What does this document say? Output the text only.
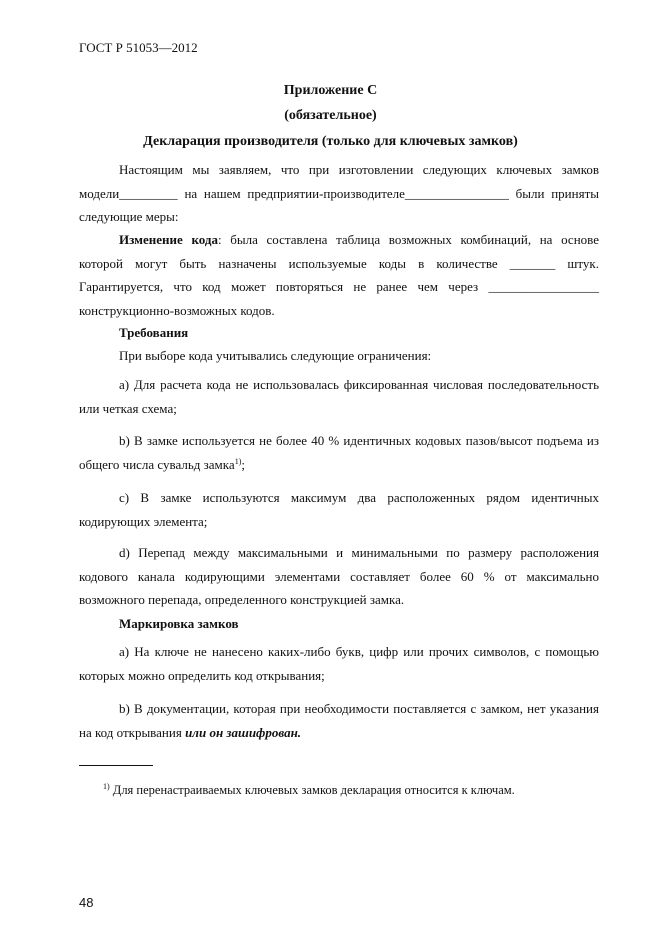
ГОСТ Р 51053—2012
Приложение С
(обязательное)
Декларация производителя (только для ключевых замков)
Настоящим мы заявляем, что при изготовлении следующих ключевых замков модели_________ на нашем предприятии-производителе________________ были приняты следующие меры:
Изменение кода: была составлена таблица возможных комбинаций, на основе которой могут быть назначены используемые коды в количестве _______ штук. Гарантируется, что код может повторяться не ранее чем через _________________ конструкционно-возможных кодов.
Требования
При выборе кода учитывались следующие ограничения:
а) Для расчета кода не использовалась фиксированная числовая последовательность или четкая схема;
b) В замке используется не более 40 % идентичных кодовых пазов/высот подъема из общего числа сувальд замка$^{1)}$;
c) В замке используются максимум два расположенных рядом идентичных кодирующих элемента;
d) Перепад между максимальными и минимальными по размеру расположения кодового канала кодирующими элементами составляет более 60 % от максимально возможного перепада, определенного конструкцией замка.
Маркировка замков
а) На ключе не нанесено каких-либо букв, цифр или прочих символов, с помощью которых можно определить код открывания;
b) В документации, которая при необходимости поставляется с замком, нет указания на код открывания или он зашифрован.
$^{1)}$ Для перенастраиваемых ключевых замков декларация относится к ключам.
48
